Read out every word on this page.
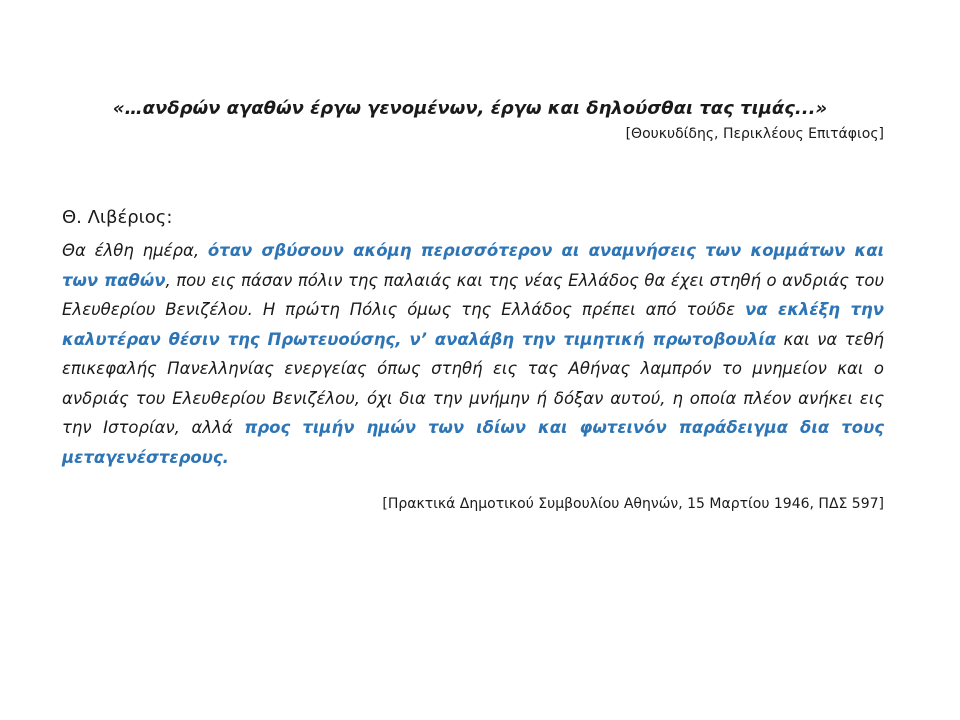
«…ανδρών αγαθών έργω γενομένων, έργω και δηλούσθαι τας τιμάς...»
[Θουκυδίδης, Περικλέους Επιτάφιος]
Θ. Λιβέριος:
Θα έλθη ημέρα, όταν σβύσουν ακόμη περισσότερον αι αναμνήσεις των κομμάτων και των παθών, που εις πάσαν πόλιν της παλαιάς και της νέας Ελλάδος θα έχει στηθή ο ανδριάς του Ελευθερίου Βενιζέλου. Η πρώτη Πόλις όμως της Ελλάδος πρέπει από τούδε να εκλέξη την καλυτέραν θέσιν της Πρωτευούσης, ν’ αναλάβη την τιμητική πρωτοβουλία και να τεθή επικεφαλής Πανελληνίας ενεργείας όπως στηθή εις τας Αθήνας λαμπρόν το μνημείον και ο ανδριάς του Ελευθερίου Βενιζέλου, όχι δια την μνήμην ή δόξαν αυτού, η οποία πλέον ανήκει εις την Ιστορίαν, αλλά προς τιμήν ημών των ιδίων και φωτεινόν παράδειγμα δια τους μεταγενέστερους.
[Πρακτικά Δημοτικού Συμβουλίου Αθηνών, 15 Μαρτίου 1946, ΠΔΣ 597]
